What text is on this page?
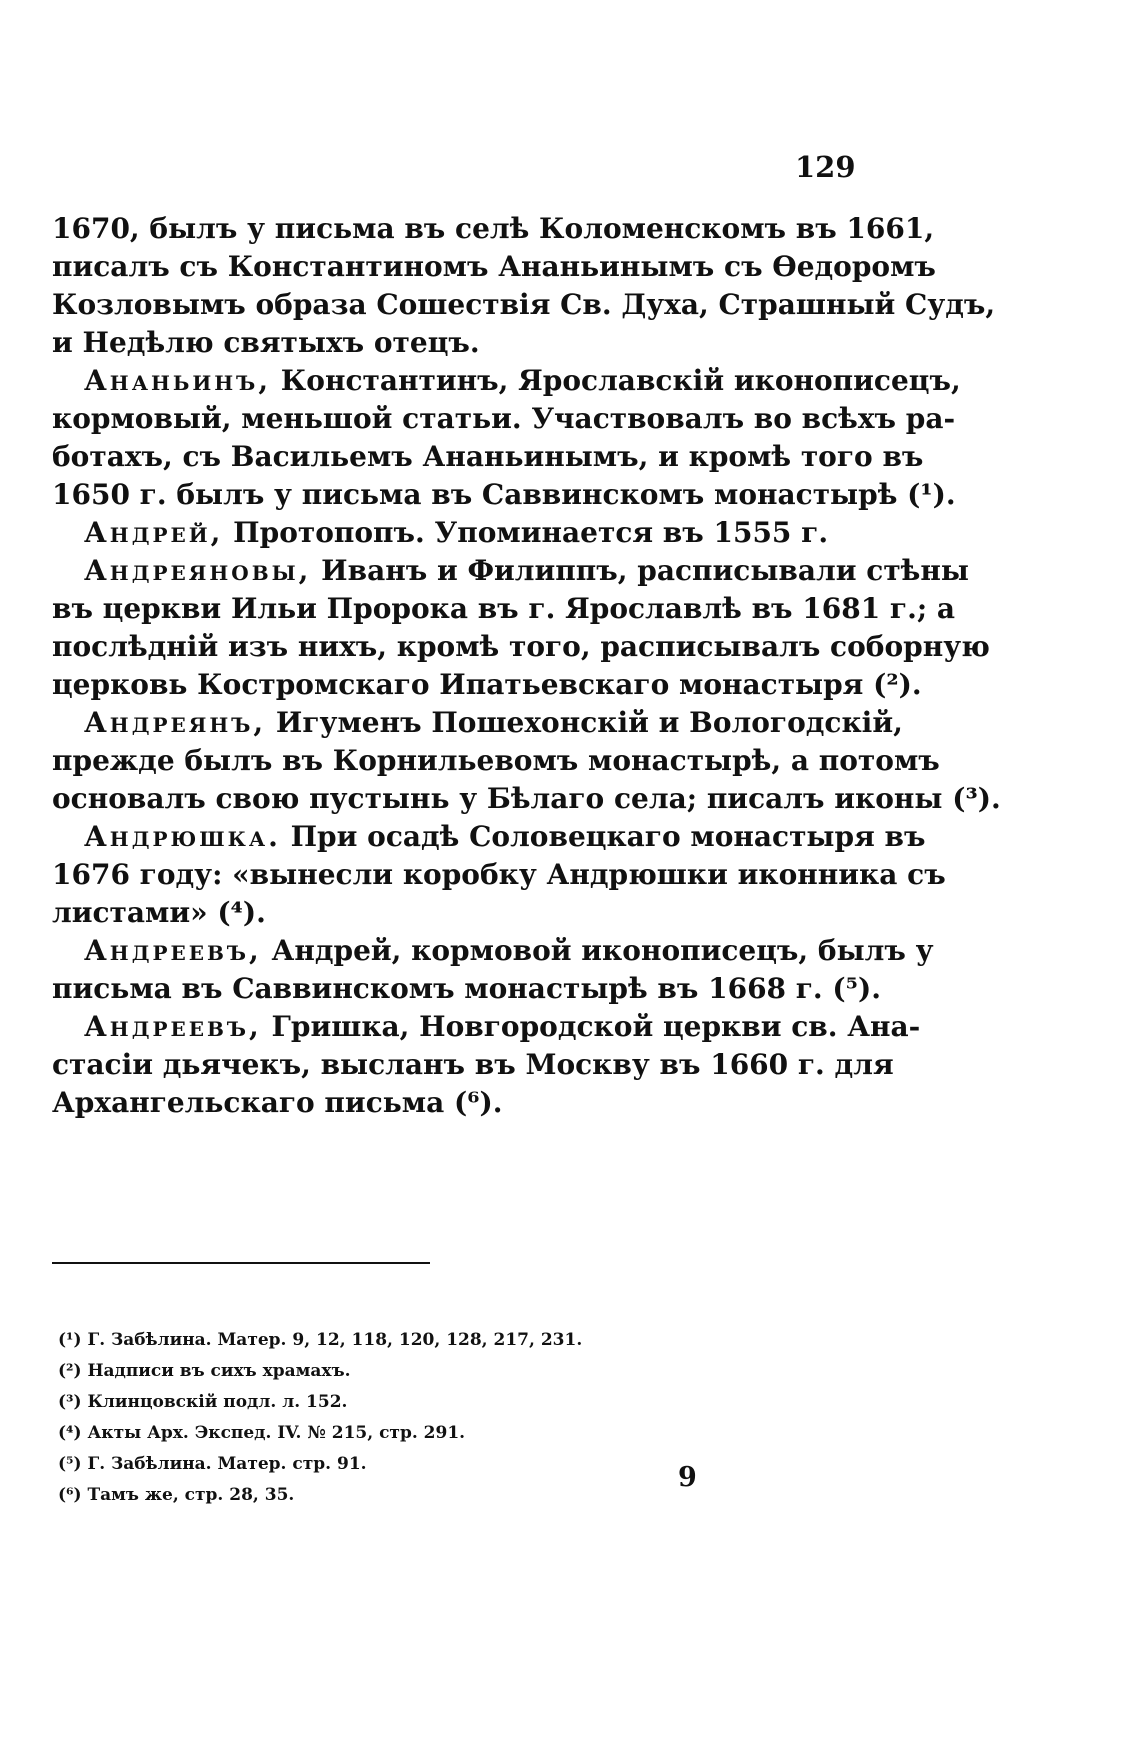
129
1670, былъ у письма въ селѣ Коломенскомъ въ 1661,
писалъ съ Константиномъ Ананьинымъ съ Ѳедоромъ
Козловымъ образа Сошествія Св. Духа, Страшный Судъ,
и Недѣлю святыхъ отецъ.
Ананьинъ, Константинъ, Ярославскій иконописецъ,
кормовый, меньшой статьи. Участвовалъ во всѣхъ ра-
ботахъ, съ Васильемъ Ананьинымъ, и кромѣ того въ
1650 г. былъ у письма въ Саввинскомъ монастырѣ (¹).
Андрей, Протопопъ. Упоминается въ 1555 г.
Андреяновы, Иванъ и Филиппъ, расписывали стѣны
въ церкви Ильи Пророка въ г. Ярославлѣ въ 1681 г.; а
послѣдній изъ нихъ, кромѣ того, расписывалъ соборную
церковь Костромскаго Ипатьевскаго монастыря (²).
Андреянъ, Игуменъ Пошехонскій и Вологодскій,
прежде былъ въ Корнильевомъ монастырѣ, а потомъ
основалъ свою пустынь у Бѣлаго села; писалъ иконы (³).
Андрюшка. При осадѣ Соловецкаго монастыря въ
1676 году: «вынесли коробку Андрюшки иконника съ
листами» (⁴).
Андреевъ, Андрей, кормовой иконописецъ, былъ у
письма въ Саввинскомъ монастырѣ въ 1668 г. (⁵).
Андреевъ, Гришка, Новгородской церкви св. Ана-
стасіи дьячекъ, высланъ въ Москву въ 1660 г. для
Архангельскаго письма (⁶).
(¹) Г. Забѣлина. Матер. 9, 12, 118, 120, 128, 217, 231.
(²) Надписи въ сихъ храмахъ.
(³) Клинцовскій подл. л. 152.
(⁴) Акты Арх. Экспед. IV. № 215, стр. 291.
(⁵) Г. Забѣлина. Матер. стр. 91.
(⁶) Тамъ же, стр. 28, 35.
9
